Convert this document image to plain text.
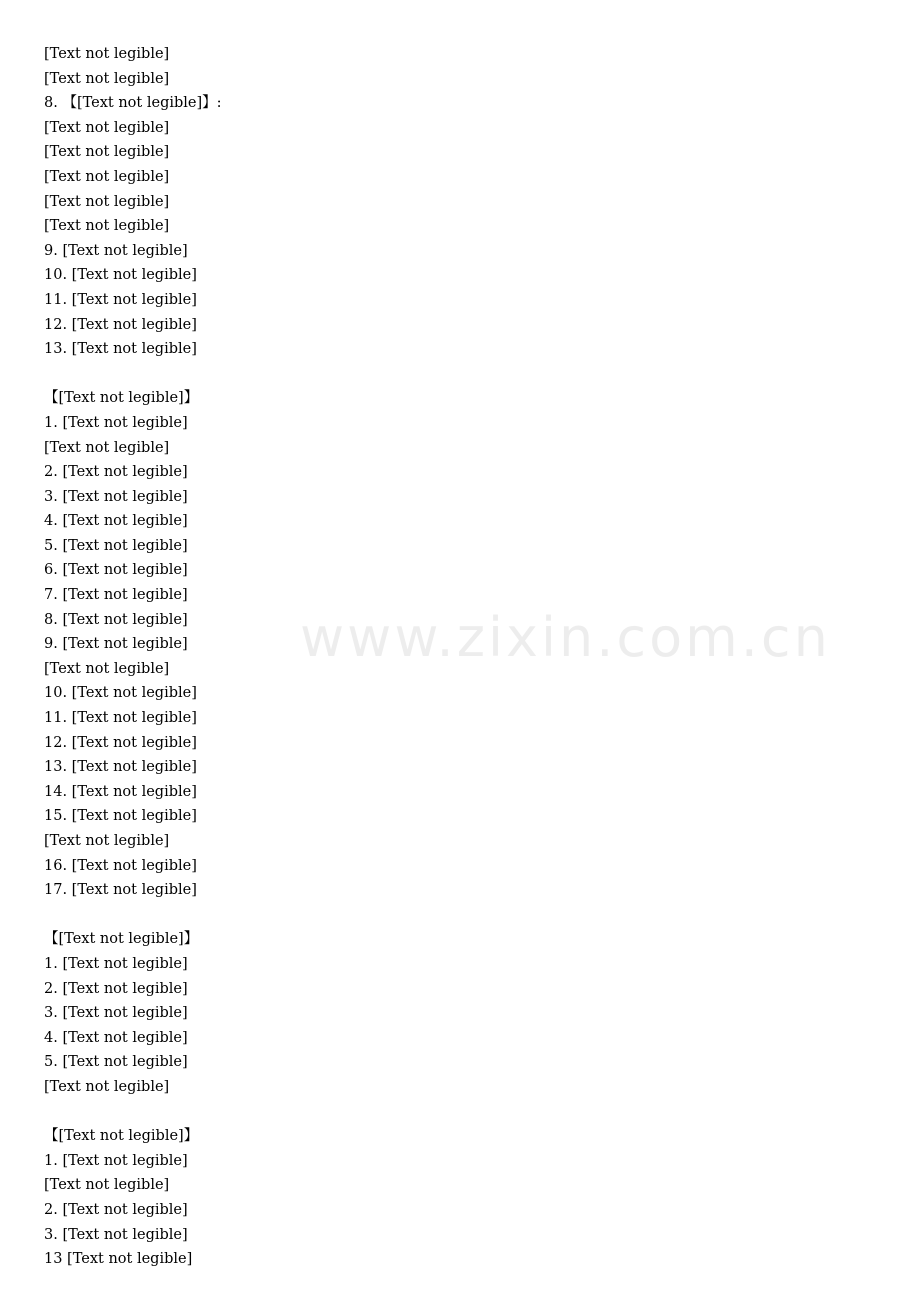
[Text not legible]

[Text not legible]

8. 【[Text not legible]】:

[Text not legible]

[Text not legible]

[Text not legible]

[Text not legible]

[Text not legible]

9. [Text not legible]

10. [Text not legible]

11. [Text not legible]

12. [Text not legible]

13. [Text not legible]

【[Text not legible]】

1. [Text not legible]

[Text not legible]

2. [Text not legible]

3. [Text not legible]

4. [Text not legible]

5. [Text not legible]

6. [Text not legible]

7. [Text not legible]

8. [Text not legible]

9. [Text not legible]

[Text not legible]

10. [Text not legible]

11. [Text not legible]

12. [Text not legible]

13. [Text not legible]

14. [Text not legible]

15. [Text not legible]

[Text not legible]

16. [Text not legible]

17. [Text not legible]

【[Text not legible]】

1. [Text not legible]

2. [Text not legible]

3. [Text not legible]

4. [Text not legible]

5. [Text not legible]

[Text not legible]

【[Text not legible]】

1. [Text not legible]

[Text not legible]

2. [Text not legible]

3. [Text not legible]

13 [Text not legible]

www.zixin.com.cn
